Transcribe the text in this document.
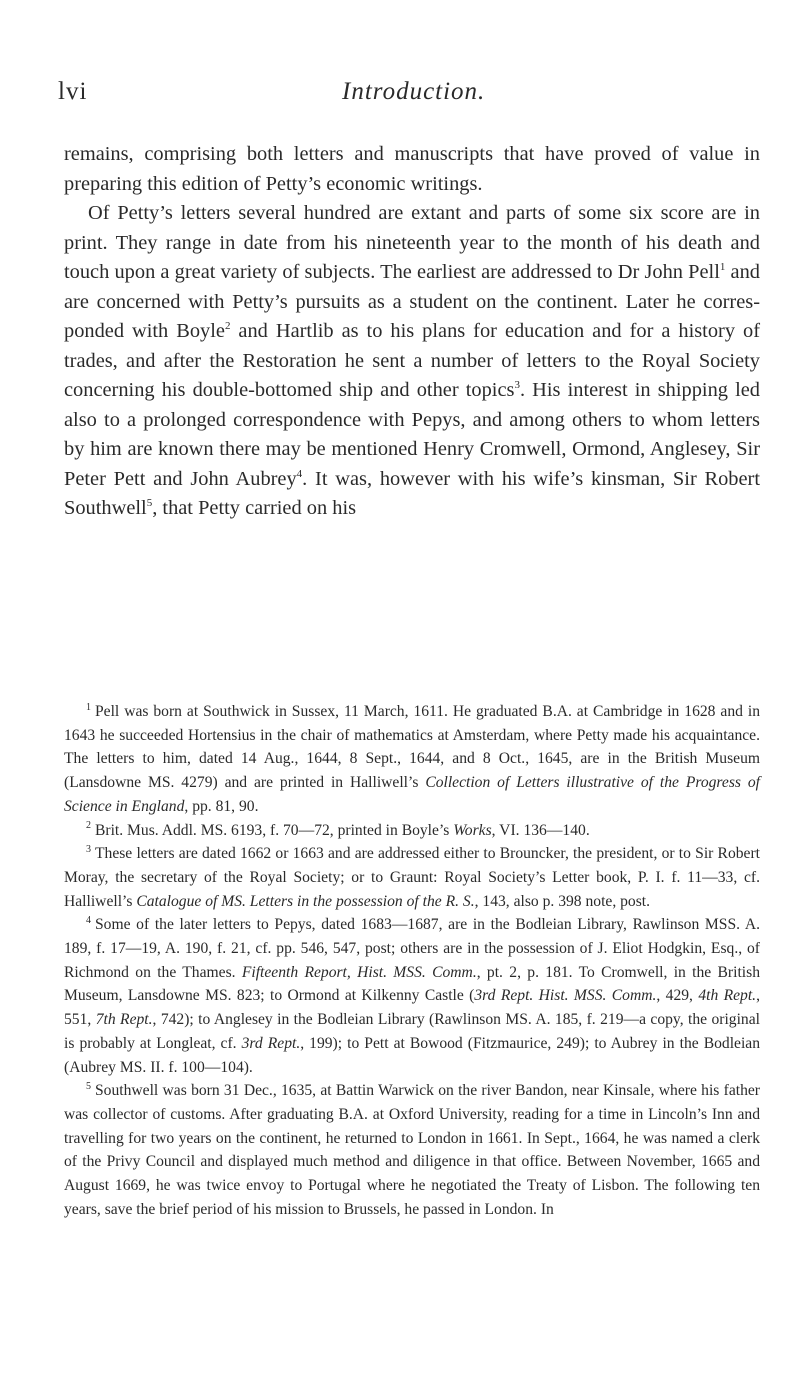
lvi	Introduction.

remains, comprising both letters and manuscripts that have proved of value in preparing this edition of Petty’s economic writings.

Of Petty’s letters several hundred are extant and parts of some six score are in print. They range in date from his nineteenth year to the month of his death and touch upon a great variety of subjects. The earliest are addressed to Dr John Pell$^1$ and are concerned with Petty’s pursuits as a student on the continent. Later he corresponded with Boyle$^2$ and Hartlib as to his plans for education and for a history of trades, and after the Restoration he sent a number of letters to the Royal Society concerning his double-bottomed ship and other topics$^3$. His interest in shipping led also to a prolonged correspondence with Pepys, and among others to whom letters by him are known there may be mentioned Henry Cromwell, Ormond, Anglesey, Sir Peter Pett and John Aubrey$^4$. It was, however with his wife’s kinsman, Sir Robert Southwell$^5$, that Petty carried on his

$^1$ Pell was born at Southwick in Sussex, 11 March, 1611. He graduated B.A. at Cambridge in 1628 and in 1643 he succeeded Hortensius in the chair of mathematics at Amsterdam, where Petty made his acquaintance. The letters to him, dated 14 Aug., 1644, 8 Sept., 1644, and 8 Oct., 1645, are in the British Museum (Lansdowne MS. 4279) and are printed in Halliwell’s Collection of Letters illustrative of the Progress of Science in England, pp. 81, 90.

$^2$ Brit. Mus. Addl. MS. 6193, f. 70—72, printed in Boyle’s Works, VI. 136—140.

$^3$ These letters are dated 1662 or 1663 and are addressed either to Brouncker, the president, or to Sir Robert Moray, the secretary of the Royal Society; or to Graunt: Royal Society’s Letter book, P. I. f. 11—33, cf. Halliwell’s Catalogue of MS. Letters in the possession of the R. S., 143, also p. 398 note, post.

$^4$ Some of the later letters to Pepys, dated 1683—1687, are in the Bodleian Library, Rawlinson MSS. A. 189, f. 17—19, A. 190, f. 21, cf. pp. 546, 547, post; others are in the possession of J. Eliot Hodgkin, Esq., of Richmond on the Thames. Fifteenth Report, Hist. MSS. Comm., pt. 2, p. 181. To Cromwell, in the British Museum, Lansdowne MS. 823; to Ormond at Kilkenny Castle (3rd Rept. Hist. MSS. Comm., 429, 4th Rept., 551, 7th Rept., 742); to Anglesey in the Bodleian Library (Rawlinson MS. A. 185, f. 219—a copy, the original is probably at Longleat, cf. 3rd Rept., 199); to Pett at Bowood (Fitzmaurice, 249); to Aubrey in the Bodleian (Aubrey MS. II. f. 100—104).

$^5$ Southwell was born 31 Dec., 1635, at Battin Warwick on the river Bandon, near Kinsale, where his father was collector of customs. After graduating B.A. at Oxford University, reading for a time in Lincoln’s Inn and travelling for two years on the continent, he returned to London in 1661. In Sept., 1664, he was named a clerk of the Privy Council and displayed much method and diligence in that office. Between November, 1665 and August 1669, he was twice envoy to Portugal where he negotiated the Treaty of Lisbon. The following ten years, save the brief period of his mission to Brussels, he passed in London. In
